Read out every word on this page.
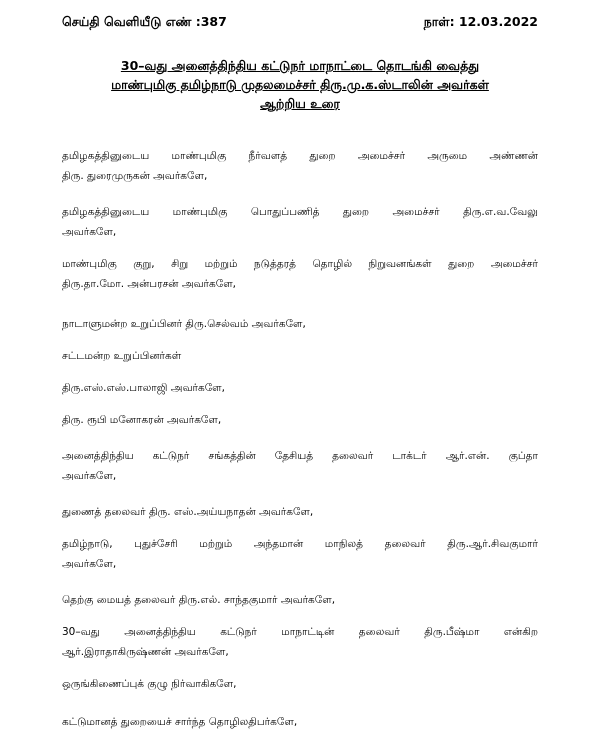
செய்தி வெளியீடு எண் :387	நாள்: 12.03.2022
30–வது அனைத்திந்திய கட்டுநர் மாநாட்டை தொடங்கி வைத்து
மாண்புமிகு தமிழ்நாடு முதலமைச்சர் திரு.மு.க.ஸ்டாலின் அவர்கள்
ஆற்றிய உரை
தமிழகத்தினுடைய மாண்புமிகு நீர்வளத் துறை அமைச்சர் அருமை அண்ணன்
திரு. துரைமுருகன் அவர்களே,
தமிழகத்தினுடைய மாண்புமிகு பொதுப்பணித் துறை அமைச்சர் திரு.எ.வ.வேலு
அவர்களே,
மாண்புமிகு குறு, சிறு மற்றும் நடுத்தரத் தொழில் நிறுவனங்கள் துறை அமைச்சர்
திரு.தா.மோ. அன்பரசன் அவர்களே,
நாடாளுமன்ற உறுப்பினர் திரு.செல்வம் அவர்களே,
சட்டமன்ற உறுப்பினர்கள்
திரு.எஸ்.எஸ்.பாலாஜி அவர்களே,
திரு. ரூபி மனோகரன் அவர்களே,
அனைத்திந்திய கட்டுநர் சங்கத்தின் தேசியத் தலைவர் டாக்டர் ஆர்.என். குப்தா
அவர்களே,
துணைத் தலைவர் திரு. எஸ்.அய்யநாதன் அவர்களே,
தமிழ்நாடு, புதுச்சேரி மற்றும் அந்தமான் மாநிலத் தலைவர் திரு.ஆர்.சிவகுமார்
அவர்களே,
தெற்கு மையத் தலைவர் திரு.எல். சாந்தகுமார் அவர்களே,
30–வது அனைத்திந்திய கட்டுநர் மாநாட்டின் தலைவர் திரு.பீஷ்மா என்கிற
ஆர்.இராதாகிருஷ்ணன் அவர்களே,
ஒருங்கிணைப்புக் குழு நிர்வாகிகளே,
கட்டுமானத் துறையைச் சார்ந்த தொழிலதிபர்களே,
